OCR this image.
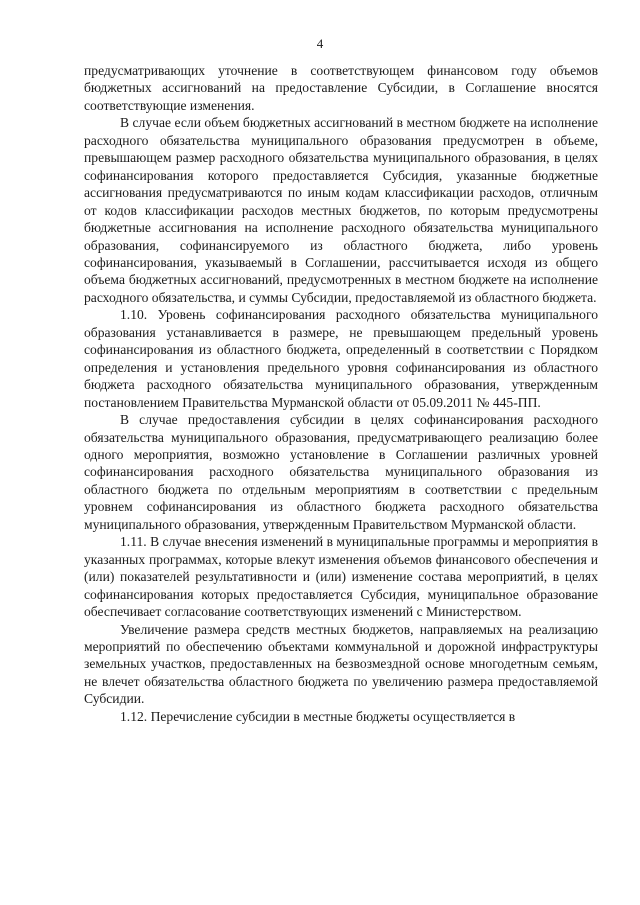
4

предусматривающих уточнение в соответствующем финансовом году объемов бюджетных ассигнований на предоставление Субсидии, в Соглашение вносятся соответствующие изменения.

В случае если объем бюджетных ассигнований в местном бюджете на исполнение расходного обязательства муниципального образования предусмотрен в объеме, превышающем размер расходного обязательства муниципального образования, в целях софинансирования которого предоставляется Субсидия, указанные бюджетные ассигнования предусматриваются по иным кодам классификации расходов, отличным от кодов классификации расходов местных бюджетов, по которым предусмотрены бюджетные ассигнования на исполнение расходного обязательства муниципального образования, софинансируемого из областного бюджета, либо уровень софинансирования, указываемый в Соглашении, рассчитывается исходя из общего объема бюджетных ассигнований, предусмотренных в местном бюджете на исполнение расходного обязательства, и суммы Субсидии, предоставляемой из областного бюджета.

1.10. Уровень софинансирования расходного обязательства муниципального образования устанавливается в размере, не превышающем предельный уровень софинансирования из областного бюджета, определенный в соответствии с Порядком определения и установления предельного уровня софинансирования из областного бюджета расходного обязательства муниципального образования, утвержденным постановлением Правительства Мурманской области от 05.09.2011 № 445-ПП.

В случае предоставления субсидии в целях софинансирования расходного обязательства муниципального образования, предусматривающего реализацию более одного мероприятия, возможно установление в Соглашении различных уровней софинансирования расходного обязательства муниципального образования из областного бюджета по отдельным мероприятиям в соответствии с предельным уровнем софинансирования из областного бюджета расходного обязательства муниципального образования, утвержденным Правительством Мурманской области.

1.11. В случае внесения изменений в муниципальные программы и мероприятия в указанных программах, которые влекут изменения объемов финансового обеспечения и (или) показателей результативности и (или) изменение состава мероприятий, в целях софинансирования которых предоставляется Субсидия, муниципальное образование обеспечивает согласование соответствующих изменений с Министерством.

Увеличение размера средств местных бюджетов, направляемых на реализацию мероприятий по обеспечению объектами коммунальной и дорожной инфраструктуры земельных участков, предоставленных на безвозмездной основе многодетным семьям, не влечет обязательства областного бюджета по увеличению размера предоставляемой Субсидии.

1.12. Перечисление субсидии в местные бюджеты осуществляется в
